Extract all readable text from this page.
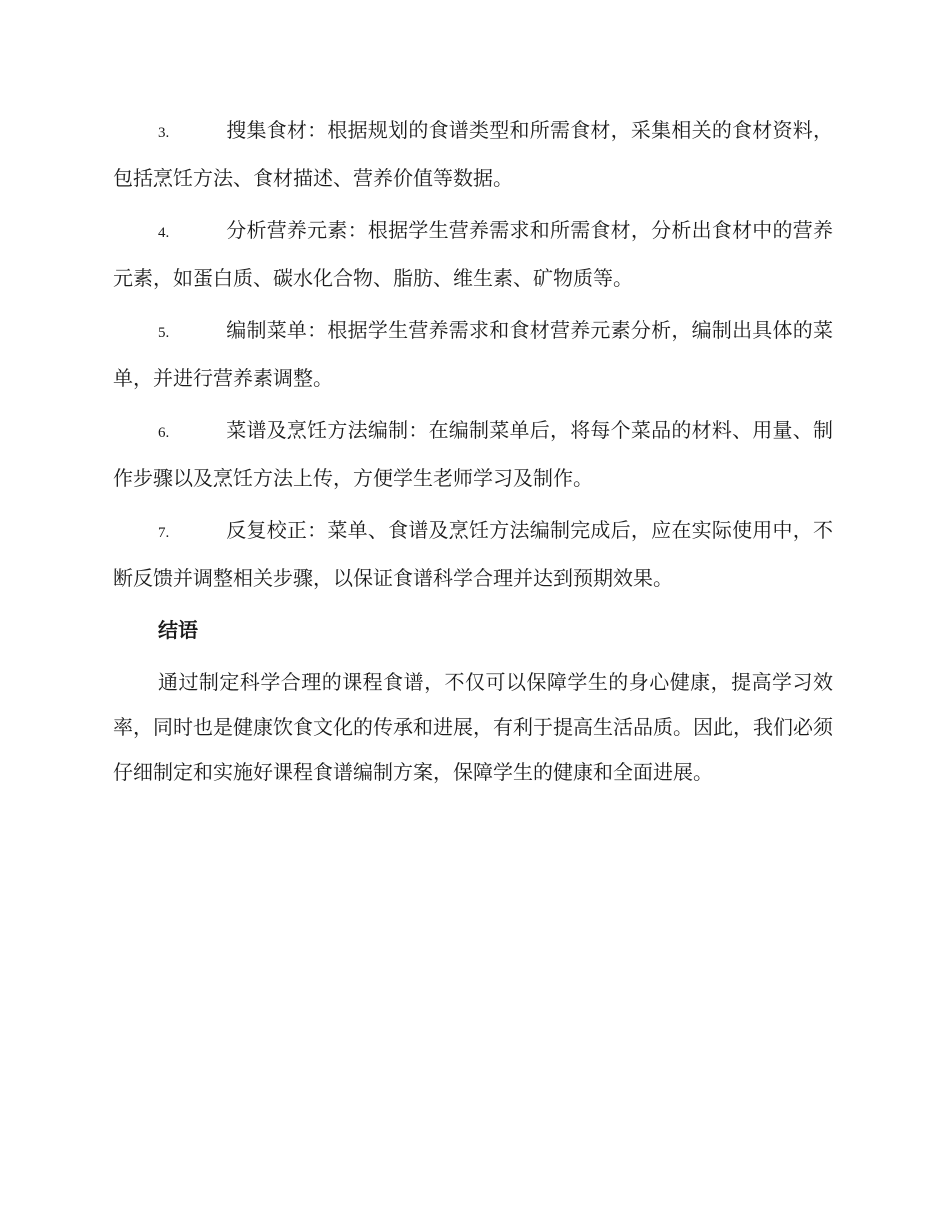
3.	搜集食材：根据规划的食谱类型和所需食材，采集相关的食材资料，包括烹饪方法、食材描述、营养价值等数据。

4.	分析营养元素：根据学生营养需求和所需食材，分析出食材中的营养元素，如蛋白质、碳水化合物、脂肪、维生素、矿物质等。

5.	编制菜单：根据学生营养需求和食材营养元素分析，编制出具体的菜单，并进行营养素调整。

6.	菜谱及烹饪方法编制：在编制菜单后，将每个菜品的材料、用量、制作步骤以及烹饪方法上传，方便学生老师学习及制作。

7.	反复校正：菜单、食谱及烹饪方法编制完成后，应在实际使用中，不断反馈并调整相关步骤，以保证食谱科学合理并达到预期效果。

结语

通过制定科学合理的课程食谱，不仅可以保障学生的身心健康，提高学习效率，同时也是健康饮食文化的传承和进展，有利于提高生活品质。因此，我们必须仔细制定和实施好课程食谱编制方案，保障学生的健康和全面进展。
